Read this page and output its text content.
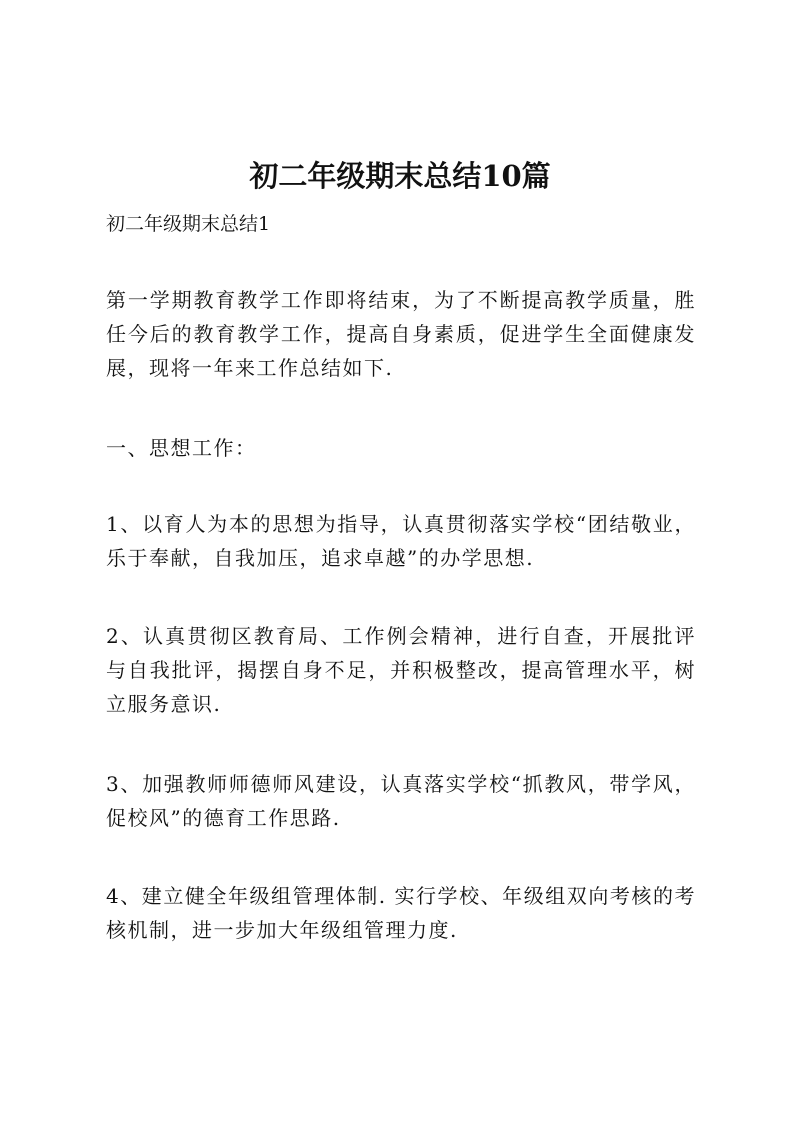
初二年级期末总结10篇

初二年级期末总结1

第一学期教育教学工作即将结束，为了不断提高教学质量，胜任今后的教育教学工作，提高自身素质，促进学生全面健康发展，现将一年来工作总结如下.

一、思想工作：

1、以育人为本的思想为指导，认真贯彻落实学校“团结敬业，乐于奉献，自我加压，追求卓越”的办学思想.

2、认真贯彻区教育局、工作例会精神，进行自查，开展批评与自我批评，揭摆自身不足，并积极整改，提高管理水平，树立服务意识.

3、加强教师师德师风建设，认真落实学校“抓教风，带学风，促校风”的德育工作思路.

4、建立健全年级组管理体制. 实行学校、年级组双向考核的考核机制，进一步加大年级组管理力度.
